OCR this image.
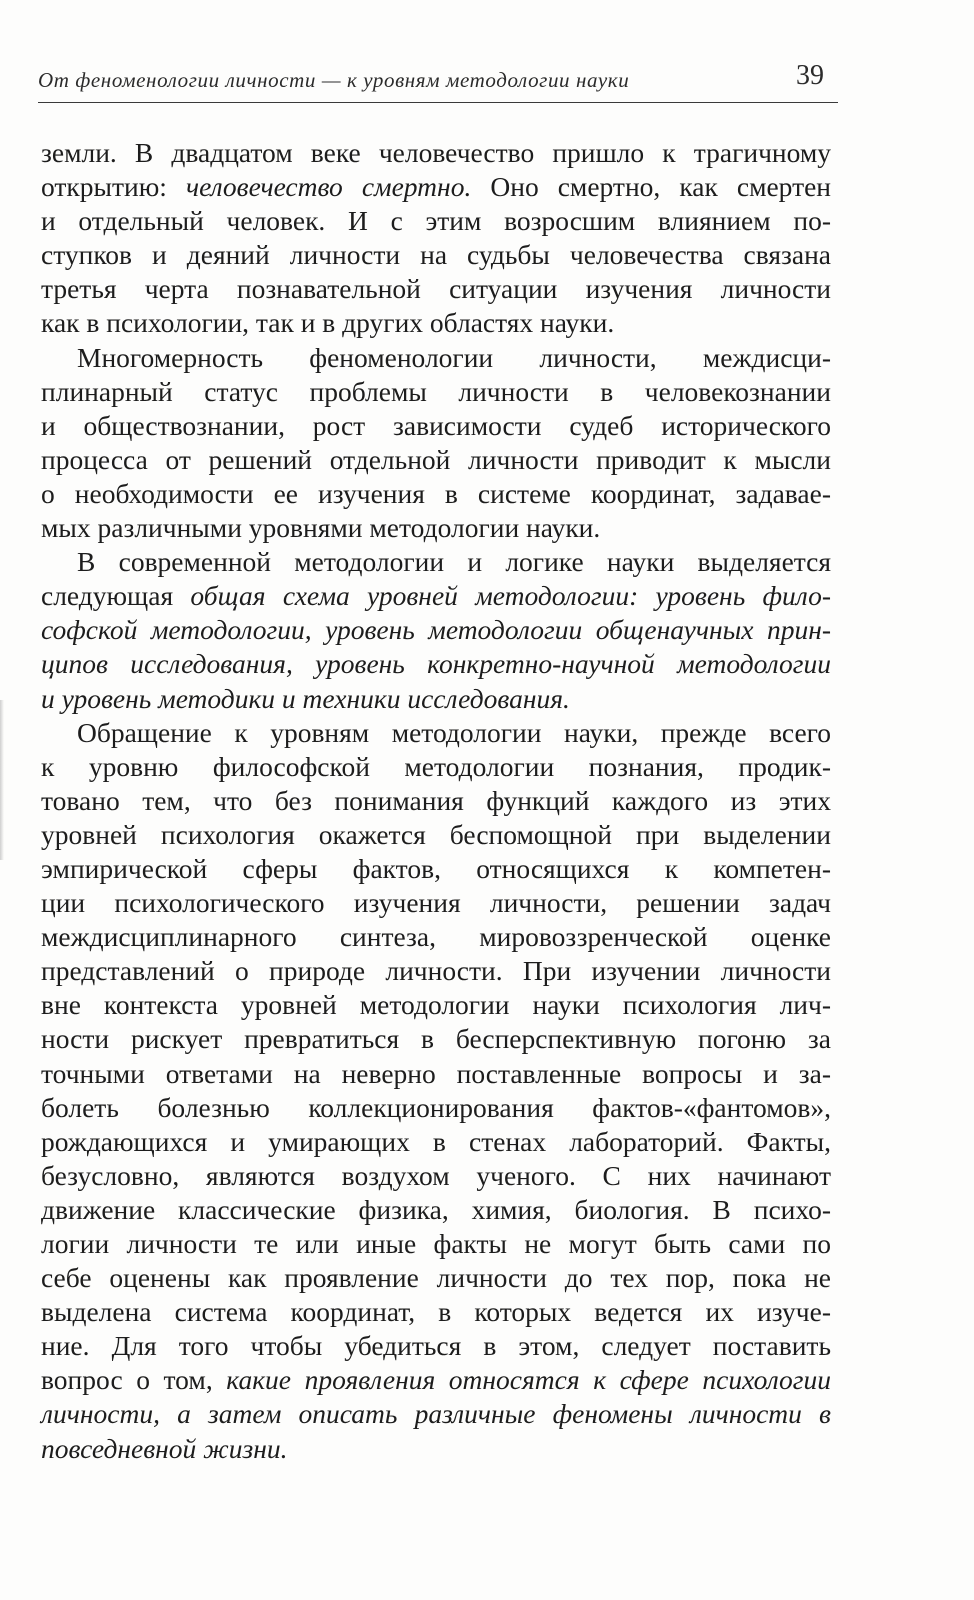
От феноменологии личности — к уровням методологии науки	39
земли. В двадцатом веке человечество пришло к трагичному
открытию: человечество смертно. Оно смертно, как смертен
и отдельный человек. И с этим возросшим влиянием по-
ступков и деяний личности на судьбы человечества связана
третья черта познавательной ситуации изучения личности
как в психологии, так и в других областях науки.
Многомерность феноменологии личности, междисци-
плинарный статус проблемы личности в человекознании
и обществознании, рост зависимости судеб исторического
процесса от решений отдельной личности приводит к мысли
о необходимости ее изучения в системе координат, задавае-
мых различными уровнями методологии науки.
В современной методологии и логике науки выделяется
следующая общая схема уровней методологии: уровень фило-
софской методологии, уровень методологии общенаучных прин-
ципов исследования, уровень конкретно-научной методологии
и уровень методики и техники исследования.
Обращение к уровням методологии науки, прежде всего
к уровню философской методологии познания, продик-
товано тем, что без понимания функций каждого из этих
уровней психология окажется беспомощной при выделении
эмпирической сферы фактов, относящихся к компетен-
ции психологического изучения личности, решении задач
междисциплинарного синтеза, мировоззренческой оценке
представлений о природе личности. При изучении личности
вне контекста уровней методологии науки психология лич-
ности рискует превратиться в бесперспективную погоню за
точными ответами на неверно поставленные вопросы и за-
болеть болезнью коллекционирования фактов-«фантомов»,
рождающихся и умирающих в стенах лабораторий. Факты,
безусловно, являются воздухом ученого. С них начинают
движение классические физика, химия, биология. В психо-
логии личности те или иные факты не могут быть сами по
себе оценены как проявление личности до тех пор, пока не
выделена система координат, в которых ведется их изуче-
ние. Для того чтобы убедиться в этом, следует поставить
вопрос о том, какие проявления относятся к сфере психологии
личности, а затем описать различные феномены личности в
повседневной жизни.
